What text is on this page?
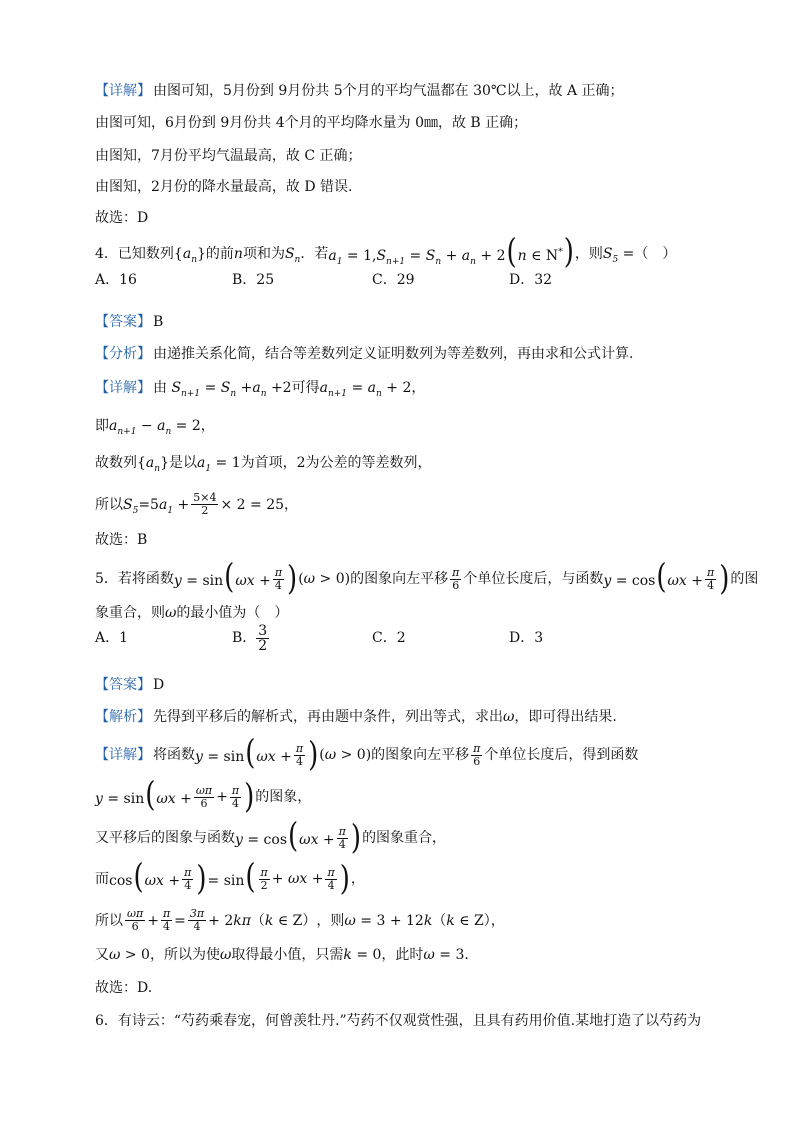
【详解】 由图可知，5月份到 9月份共 5个月的平均气温都在 30℃以上，故 A 正确；
由图可知，6月份到 9月份共 4个月的平均降水量为 0㎜，故 B 正确；
由图知，7月份平均气温最高，故 C 正确；
由图知，2月份的降水量最高，故 D 错误.
故选：D
4．已知数列 $\{a_n\}$ 的前 n 项和为 $S_n$ ．若 $a_1 = 1,S_{n+1} = S_n + a_n + 2(n$ ∈ N*) ，则 $S_5$ = （　）
A．16	B．25	C．29	D．32
【答案】 B
【分析】 由递推关系化简，结合等差数列定义证明数列为等差数列，再由求和公式计算.
【详解】 由 $S_{n+1} = S_n +a_n +2$ 可得 $a_{n+1} = a_n + 2$，
即 $a_{n+1} - a_n = 2$，
故数列 $\{a_n\}$ 是以 $a_1 = 1$ 为首项，2为公差的等差数列，
所以 $S_5=5a_1 + \frac{5\times 4}{2} \times 2 = 25$，
故选：B
5．若将函数 $y = \sin(\omega x + \frac{\pi}{4}$ ) (ω > 0) 的图象向左平移 $\frac{\pi}{6}$ 个单位长度后，与函数 $y = \cos(\omega x + \frac{\pi}{4}$ ) 的图
象重合，则 ω 的最小值为（　）
A．1	B． 3
2	C．2	D．3
【答案】 D
【解析】 先得到平移后的解析式，再由题中条件，列出等式，求出 ω ，即可得出结果.
【详解】 将函数 $y = \sin(\omega x + \frac{\pi}{4}$ ) (ω > 0) 的图象向左平移 $\frac{\pi}{6}$ 个单位长度后，得到函数
$y = \sin(\omega x + \frac{\omega\pi}{6} + \frac{\pi}{4}$ ) 的图象，
又平移后的图象与函数 $y = \cos(\omega x + \frac{\pi}{4}$ ) 的图象重合，
而 $\cos(\omega x + \frac{\pi}{4}$ ) = $\sin( \frac{\pi}{2} + \omega x + \frac{\pi}{4}$ ) ，
所以 $\frac{\omega\pi}{6} + \frac{\pi}{4} = \frac{3\pi}{4} + 2k\pi(k$ ∈ Z） ，则 ω = 3 + 12k（k ∈ Z），
又 ω > 0 ，所以为使 ω 取得最小值，只需 k = 0 ，此时 ω = 3.
故选：D.
6．有诗云：“芍药乘春宠，何曾羡牡丹.”芍药不仅观赏性强，且具有药用价值.某地打造了以芍药为
